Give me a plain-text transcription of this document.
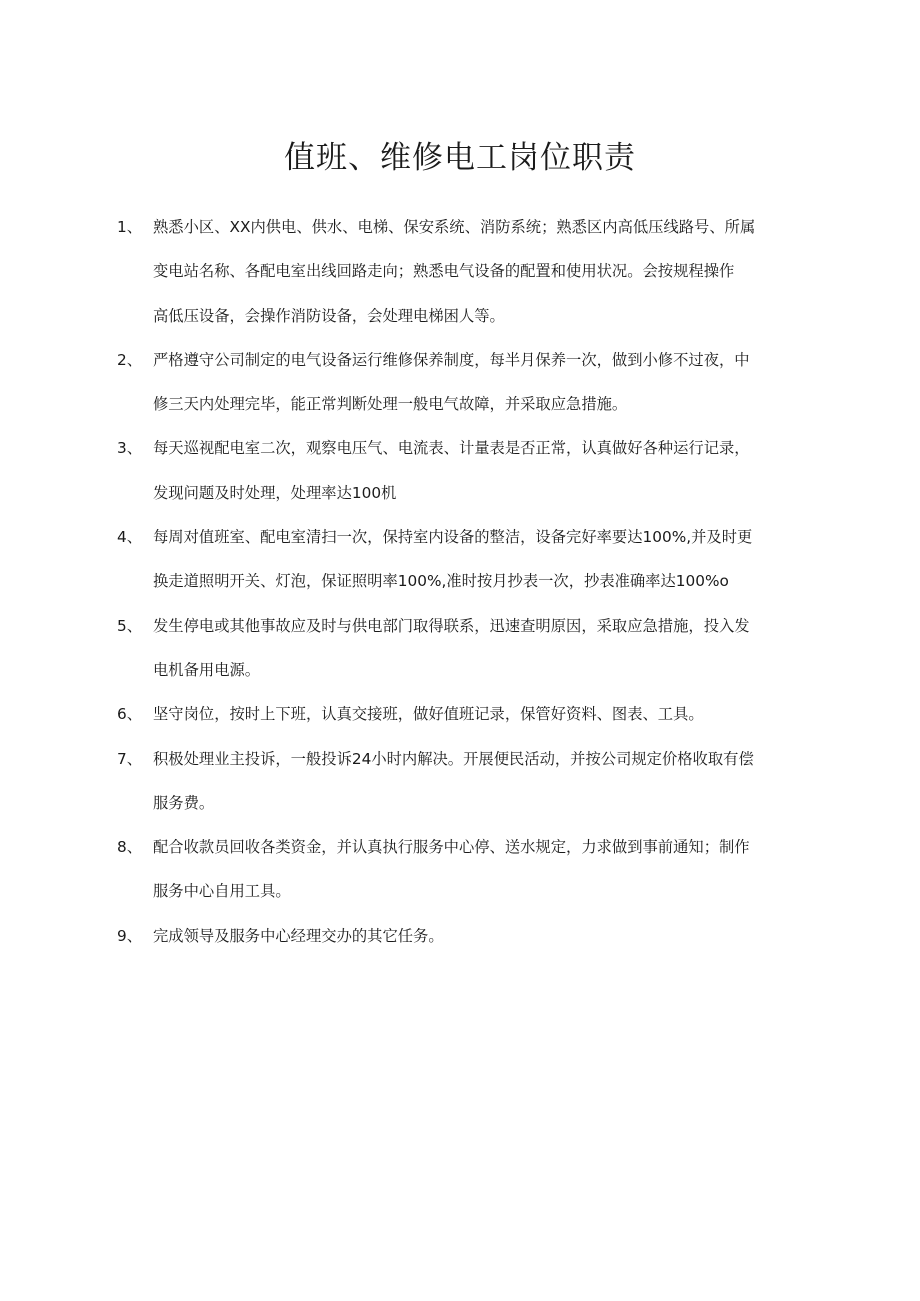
值班、维修电工岗位职责
1、 熟悉小区、XX内供电、供水、电梯、保安系统、消防系统；熟悉区内高低压线路号、所属
变电站名称、各配电室出线回路走向；熟悉电气设备的配置和使用状况。会按规程操作
高低压设备，会操作消防设备，会处理电梯困人等。
2、 严格遵守公司制定的电气设备运行维修保养制度，每半月保养一次，做到小修不过夜，中
修三天内处理完毕，能正常判断处理一般电气故障，并采取应急措施。
3、 每天巡视配电室二次，观察电压气、电流表、计量表是否正常，认真做好各种运行记录，
发现问题及时处理，处理率达100机
4、 每周对值班室、配电室清扫一次，保持室内设备的整洁，设备完好率要达100%,并及时更
换走道照明开关、灯泡，保证照明率100%,准时按月抄表一次，抄表准确率达100%o
5、 发生停电或其他事故应及时与供电部门取得联系，迅速查明原因，采取应急措施，投入发
电机备用电源。
6、 坚守岗位，按时上下班，认真交接班，做好值班记录，保管好资料、图表、工具。
7、 积极处理业主投诉，一般投诉24小时内解决。开展便民活动，并按公司规定价格收取有偿
服务费。
8、 配合收款员回收各类资金，并认真执行服务中心停、送水规定，力求做到事前通知；制作
服务中心自用工具。
9、 完成领导及服务中心经理交办的其它任务。
